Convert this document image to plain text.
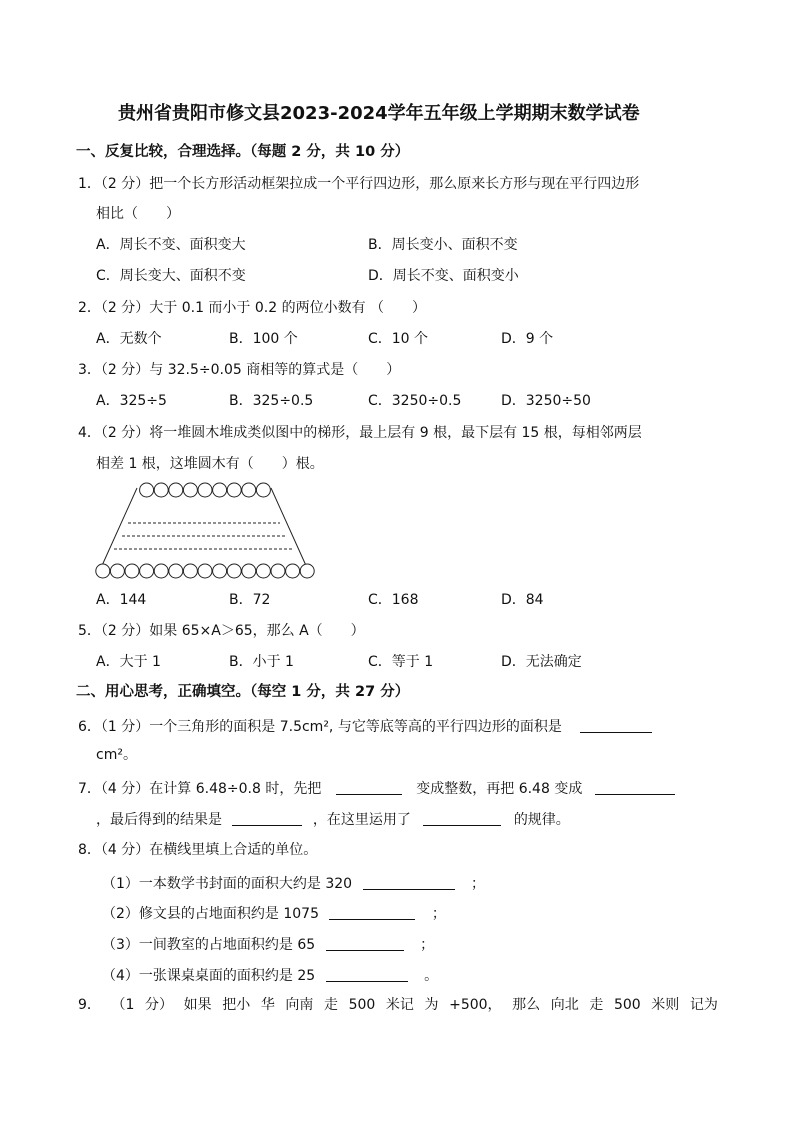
贵州省贵阳市修文县2023-2024学年五年级上学期期末数学试卷
一、反复比较，合理选择。（每题 2 分，共 10 分）
1．（2 分）把一个长方形活动框架拉成一个平行四边形，那么原来长方形与现在平行四边形
相比（　　）
A．周长不变、面积变大	B．周长变小、面积不变
C．周长变大、面积不变	D．周长不变、面积变小
2．（2 分）大于 0.1 而小于 0.2 的两位小数有 （　　）
A．无数个	B．100 个	C．10 个	D．9 个
3．（2 分）与 32.5÷0.05 商相等的算式是（　　）
A．325÷5	B．325÷0.5	C．3250÷0.5	D．3250÷50
4．（2 分）将一堆圆木堆成类似图中的梯形，最上层有 9 根，最下层有 15 根，每相邻两层
相差 1 根，这堆圆木有（　　）根。
A．144	B．72	C．168	D．84
5．（2 分）如果 65×A＞65，那么 A（　　）
A．大于 1	B．小于 1	C．等于 1	D．无法确定
二、用心思考，正确填空。（每空 1 分，共 27 分）
6．（1 分）一个三角形的面积是 7.5cm², 与它等底等高的平行四边形的面积是
cm²。
7．（4 分）在计算 6.48÷0.8 时，先把	变成整数，再把 6.48 变成
，最后得到的结果是	，在这里运用了	的规律。
8．（4 分）在横线里填上合适的单位。
（1）一本数学书封面的面积大约是 320	；
（2）修文县的占地面积约是 1075	；
（3）一间教室的占地面积约是 65	；
（4）一张课桌桌面的面积约是 25	。
9． （1 分） 如果 把小 华 向南 走 500 米记 为 +500， 那么 向北 走 500 米则 记为
